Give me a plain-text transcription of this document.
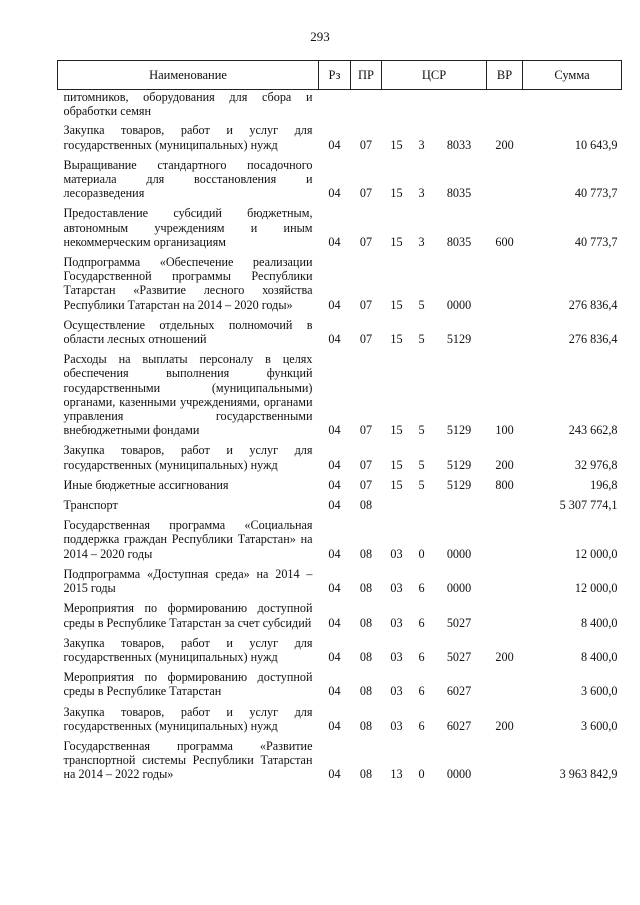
293
Наименование	Рз	ПР	ЦСР			ВР	Сумма
питомников, оборудования для сбора и обработки семян							
Закупка товаров, работ и услуг для государственных (муниципальных) нужд	04	07	15	3	8033	200	10 643,9
Выращивание стандартного посадочного материала для восстановления и лесоразведения	04	07	15	3	8035		40 773,7
Предоставление субсидий бюджетным, автономным учреждениям и иным некоммерческим организациям	04	07	15	3	8035	600	40 773,7
Подпрограмма «Обеспечение реализации Государственной программы Республики Татарстан «Развитие лесного хозяйства Республики Татарстан на 2014 – 2020 годы»	04	07	15	5	0000		276 836,4
Осуществление отдельных полномочий в области лесных отношений	04	07	15	5	5129		276 836,4
Расходы на выплаты персоналу в целях обеспечения выполнения функций государственными (муниципальными) органами, казенными учреждениями, органами управления государственными внебюджетными фондами	04	07	15	5	5129	100	243 662,8
Закупка товаров, работ и услуг для государственных (муниципальных) нужд	04	07	15	5	5129	200	32 976,8
Иные бюджетные ассигнования	04	07	15	5	5129	800	196,8
Транспорт	04	08					5 307 774,1
Государственная программа «Социальная поддержка граждан Республики Татарстан» на 2014 – 2020 годы	04	08	03	0	0000		12 000,0
Подпрограмма «Доступная среда» на 2014 – 2015 годы	04	08	03	6	0000		12 000,0
Мероприятия по формированию доступной среды в Республике Татарстан за счет субсидий	04	08	03	6	5027		8 400,0
Закупка товаров, работ и услуг для государственных (муниципальных) нужд	04	08	03	6	5027	200	8 400,0
Мероприятия по формированию доступной среды в Республике Татарстан	04	08	03	6	6027		3 600,0
Закупка товаров, работ и услуг для государственных (муниципальных) нужд	04	08	03	6	6027	200	3 600,0
Государственная программа «Развитие транспортной системы Республики Татарстан на 2014 – 2022 годы»	04	08	13	0	0000		3 963 842,9
